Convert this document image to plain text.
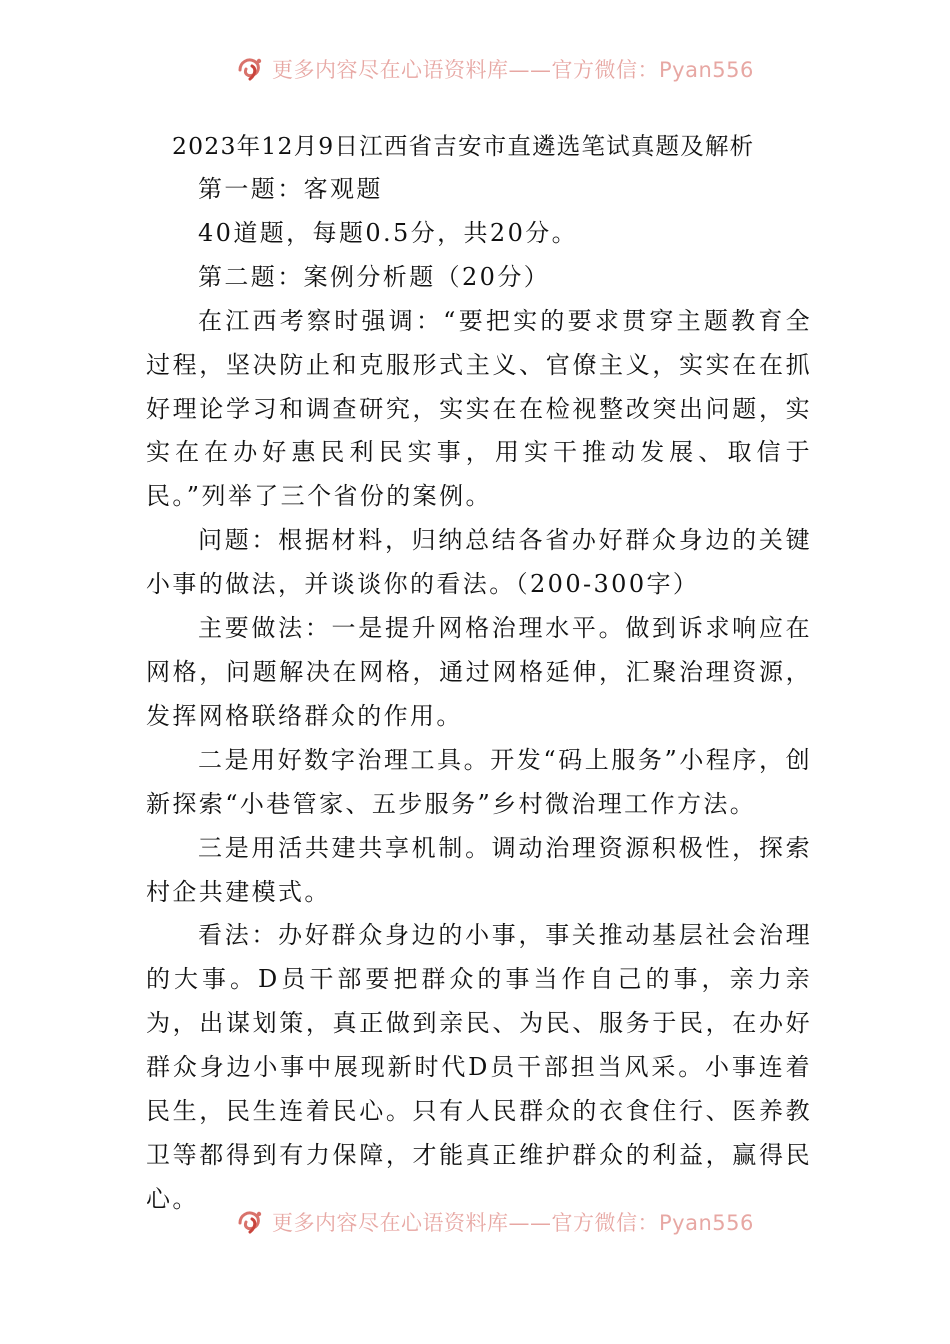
更多内容尽在心语资料库——官方微信：Pyan556

2023年12月9日江西省吉安市直遴选笔试真题及解析

第一题：客观题

40道题，每题0.5分，共20分。

第二题：案例分析题（20分）

在江西考察时强调：“要把实的要求贯穿主题教育全过程，坚决防止和克服形式主义、官僚主义，实实在在抓好理论学习和调查研究，实实在在检视整改突出问题，实实在在办好惠民利民实事，用实干推动发展、取信于民。”列举了三个省份的案例。

问题：根据材料，归纳总结各省办好群众身边的关键小事的做法，并谈谈你的看法。（200-300字）

主要做法：一是提升网格治理水平。做到诉求响应在网格，问题解决在网格，通过网格延伸，汇聚治理资源，发挥网格联络群众的作用。

二是用好数字治理工具。开发“码上服务”小程序，创新探索“小巷管家、五步服务”乡村微治理工作方法。

三是用活共建共享机制。调动治理资源积极性，探索村企共建模式。

看法：办好群众身边的小事，事关推动基层社会治理的大事。D员干部要把群众的事当作自己的事，亲力亲为，出谋划策，真正做到亲民、为民、服务于民，在办好群众身边小事中展现新时代D员干部担当风采。小事连着民生，民生连着民心。只有人民群众的衣食住行、医养教卫等都得到有力保障，才能真正维护群众的利益，赢得民心。

更多内容尽在心语资料库——官方微信：Pyan556
